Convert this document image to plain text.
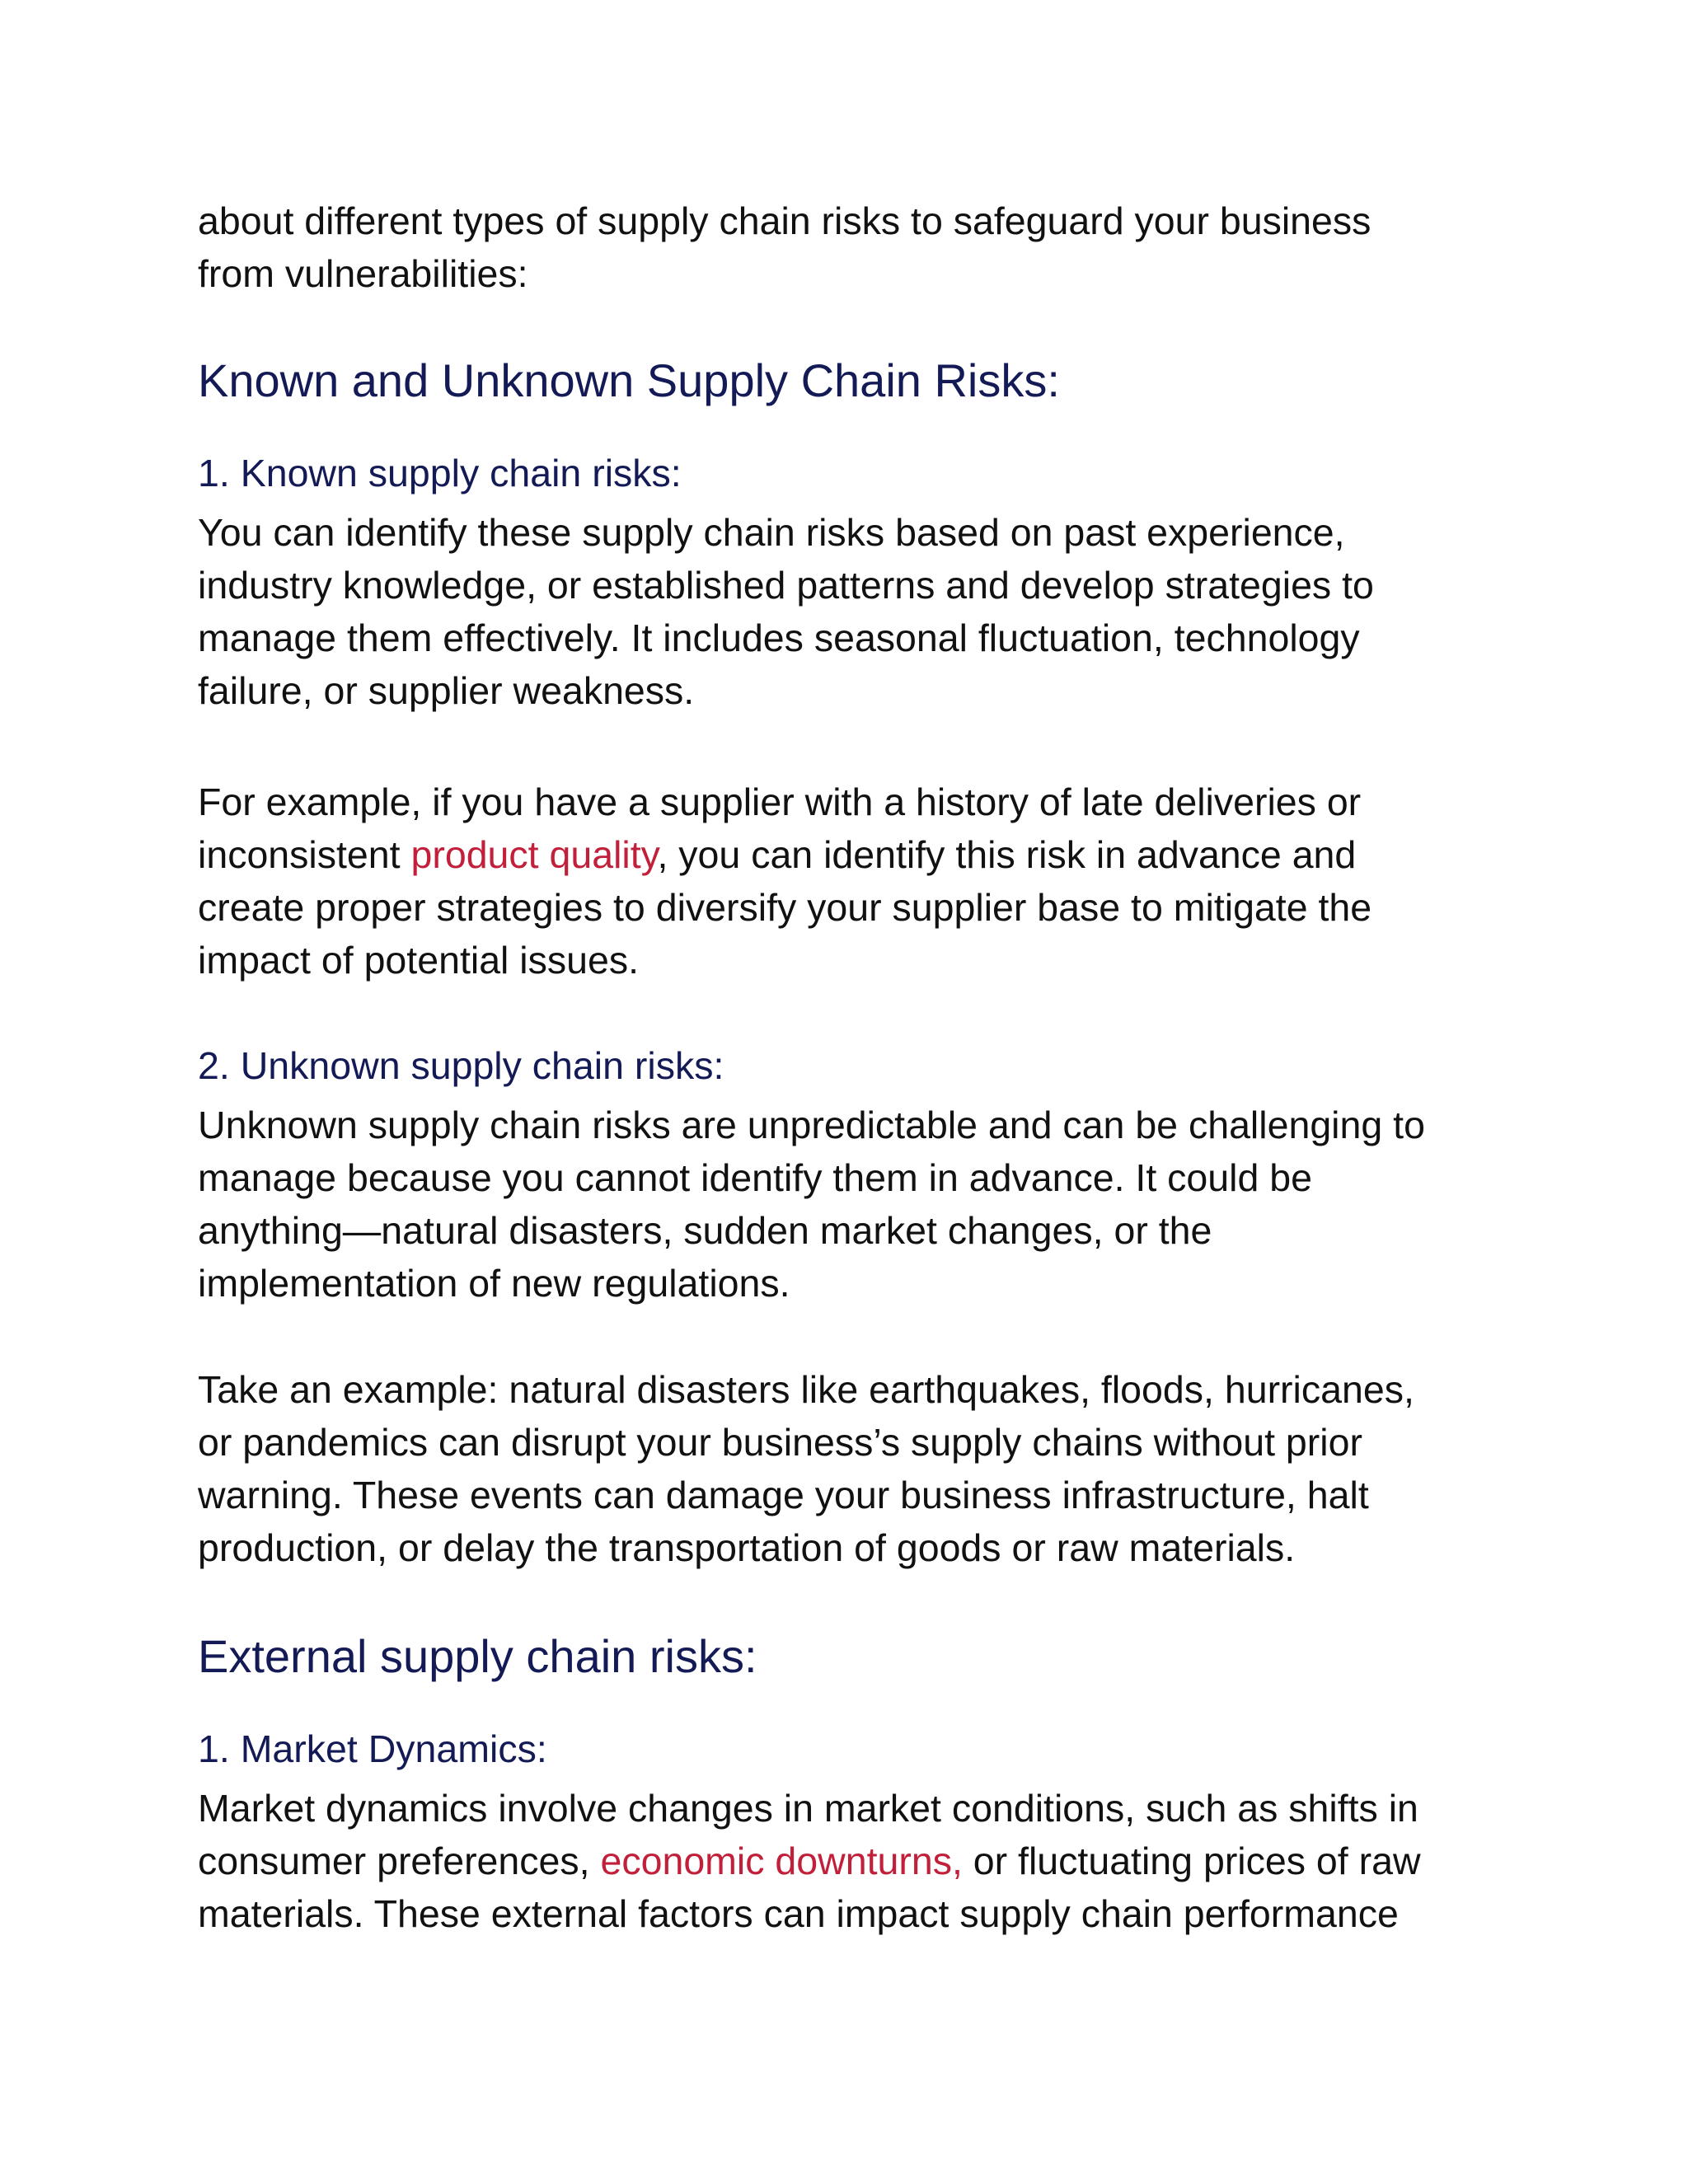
about different types of supply chain risks to safeguard your business
from vulnerabilities:

Known and Unknown Supply Chain Risks:
1. Known supply chain risks:

You can identify these supply chain risks based on past experience,
industry knowledge, or established patterns and develop strategies to
manage them effectively. It includes seasonal fluctuation, technology
failure, or supplier weakness.

For example, if you have a supplier with a history of late deliveries or
inconsistent product quality, you can identify this risk in advance and
create proper strategies to diversify your supplier base to mitigate the
impact of potential issues.

2. Unknown supply chain risks:

Unknown supply chain risks are unpredictable and can be challenging to
manage because you cannot identify them in advance. It could be
anything—natural disasters, sudden market changes, or the
implementation of new regulations.

Take an example: natural disasters like earthquakes, floods, hurricanes,
or pandemics can disrupt your business’s supply chains without prior
warning. These events can damage your business infrastructure, halt
production, or delay the transportation of goods or raw materials.

External supply chain risks:
1. Market Dynamics:

Market dynamics involve changes in market conditions, such as shifts in
consumer preferences, economic downturns, or fluctuating prices of raw
materials. These external factors can impact supply chain performance
